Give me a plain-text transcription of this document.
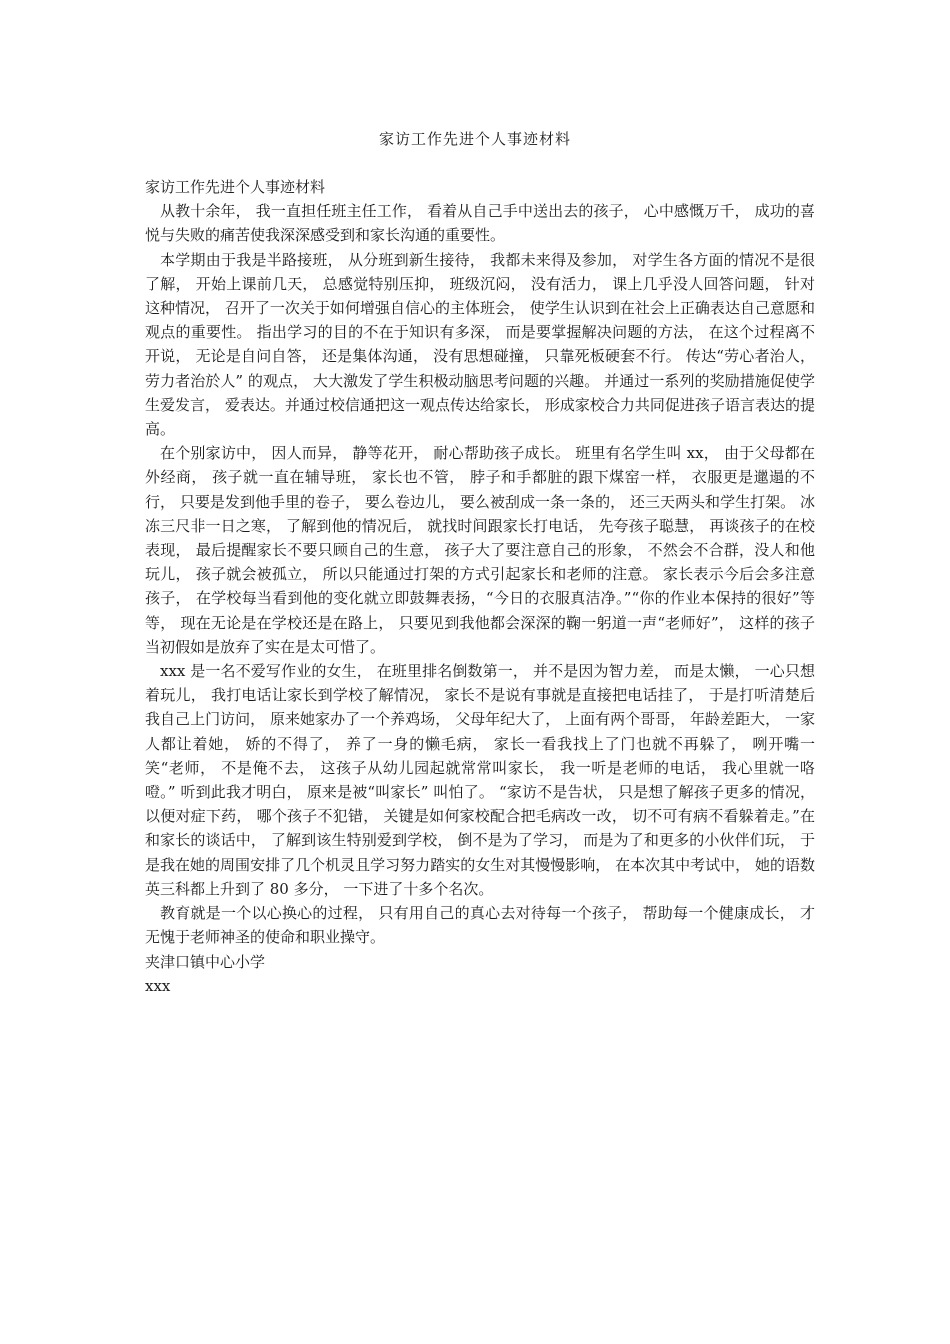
家访工作先进个人事迹材料

家访工作先进个人事迹材料

从教十余年， 我一直担任班主任工作， 看着从自己手中送出去的孩子， 心中感慨万千， 成功的喜悦与失败的痛苦使我深深感受到和家长沟通的重要性。

本学期由于我是半路接班， 从分班到新生接待， 我都未来得及参加， 对学生各方面的情况不是很了解， 开始上课前几天， 总感觉特别压抑， 班级沉闷， 没有活力， 课上几乎没人回答问题， 针对这种情况， 召开了一次关于如何增强自信心的主体班会， 使学生认识到在社会上正确表达自己意愿和观点的重要性。 指出学习的目的不在于知识有多深， 而是要掌握解决问题的方法， 在这个过程离不开说， 无论是自问自答， 还是集体沟通， 没有思想碰撞， 只靠死板硬套不行。 传达“劳心者治人， 劳力者治於人” 的观点， 大大激发了学生积极动脑思考问题的兴趣。 并通过一系列的奖励措施促使学生爱发言， 爱表达。并通过校信通把这一观点传达给家长， 形成家校合力共同促进孩子语言表达的提高。

在个别家访中， 因人而异， 静等花开， 耐心帮助孩子成长。 班里有名学生叫 xx， 由于父母都在外经商， 孩子就一直在辅导班， 家长也不管， 脖子和手都脏的跟下煤窑一样， 衣服更是邋遢的不行， 只要是发到他手里的卷子， 要么卷边儿， 要么被刮成一条一条的， 还三天两头和学生打架。 冰冻三尺非一日之寒， 了解到他的情况后， 就找时间跟家长打电话， 先夸孩子聪慧， 再谈孩子的在校表现， 最后提醒家长不要只顾自己的生意， 孩子大了要注意自己的形象， 不然会不合群，没人和他玩儿， 孩子就会被孤立， 所以只能通过打架的方式引起家长和老师的注意。 家长表示今后会多注意孩子， 在学校每当看到他的变化就立即鼓舞表扬，“今日的衣服真洁净。”“你的作业本保持的很好”等等， 现在无论是在学校还是在路上， 只要见到我他都会深深的鞠一躬道一声“老师好”， 这样的孩子当初假如是放弃了实在是太可惜了。

xxx 是一名不爱写作业的女生， 在班里排名倒数第一， 并不是因为智力差， 而是太懒， 一心只想着玩儿， 我打电话让家长到学校了解情况， 家长不是说有事就是直接把电话挂了， 于是打听清楚后我自己上门访问， 原来她家办了一个养鸡场， 父母年纪大了， 上面有两个哥哥， 年龄差距大， 一家人都让着她， 娇的不得了， 养了一身的懒毛病， 家长一看我找上了门也就不再躲了， 咧开嘴一笑“老师， 不是俺不去， 这孩子从幼儿园起就常常叫家长， 我一听是老师的电话， 我心里就一咯噔。” 听到此我才明白， 原来是被“叫家长” 叫怕了。 “家访不是告状， 只是想了解孩子更多的情况， 以便对症下药， 哪个孩子不犯错， 关键是如何家校配合把毛病改一改， 切不可有病不看躲着走。”在和家长的谈话中， 了解到该生特别爱到学校， 倒不是为了学习， 而是为了和更多的小伙伴们玩， 于是我在她的周围安排了几个机灵且学习努力踏实的女生对其慢慢影响， 在本次其中考试中， 她的语数英三科都上升到了 80 多分， 一下进了十多个名次。

教育就是一个以心换心的过程， 只有用自己的真心去对待每一个孩子， 帮助每一个健康成长， 才无愧于老师神圣的使命和职业操守。

夹津口镇中心小学

xxx
